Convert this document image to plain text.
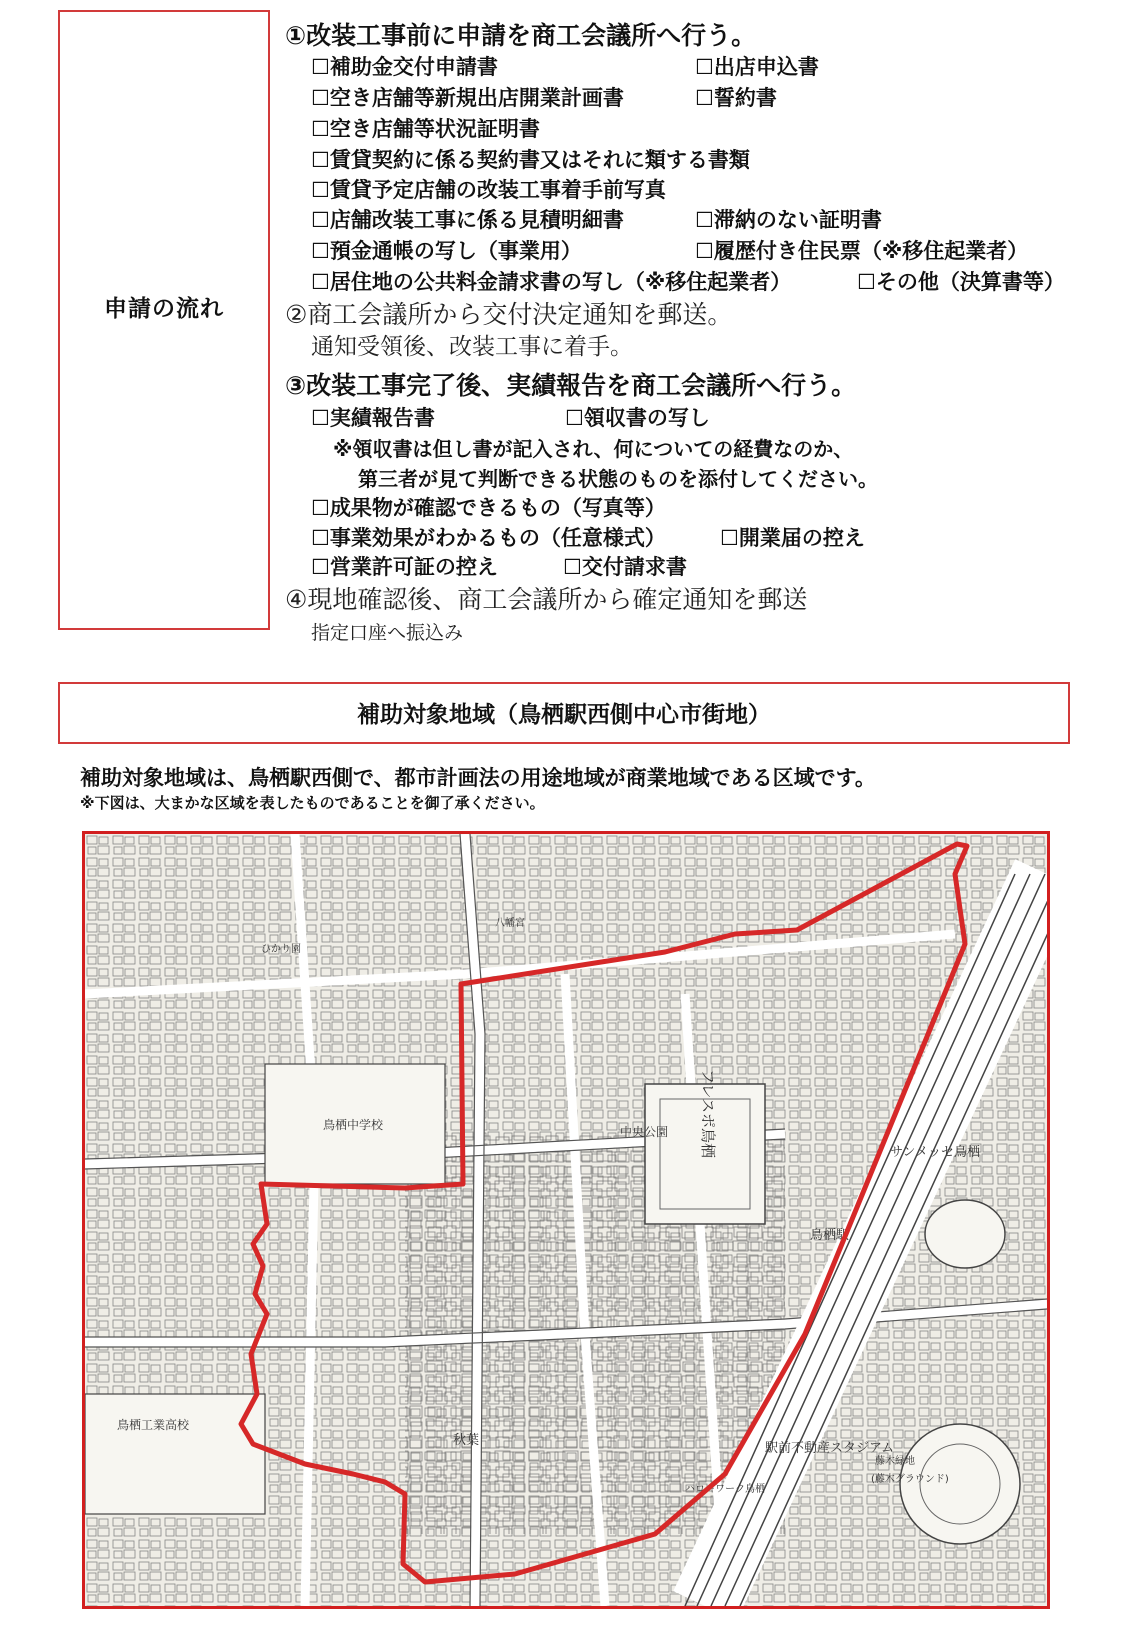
申請の流れ
①改装工事前に申請を商工会議所へ行う。
☐補助金交付申請書	☐出店申込書
☐空き店舗等新規出店開業計画書	☐誓約書
☐空き店舗等状況証明書
☐賃貸契約に係る契約書又はそれに類する書類
☐賃貸予定店舗の改装工事着手前写真
☐店舗改装工事に係る見積明細書	☐滞納のない証明書
☐預金通帳の写し（事業用）	☐履歴付き住民票（※移住起業者）
☐居住地の公共料金請求書の写し（※移住起業者）	☐その他（決算書等）
②商工会議所から交付決定通知を郵送。
通知受領後、改装工事に着手。
③改装工事完了後、実績報告を商工会議所へ行う。
☐実績報告書	☐領収書の写し
※領収書は但し書が記入され、何についての経費なのか、
第三者が見て判断できる状態のものを添付してください。
☐成果物が確認できるもの（写真等）
☐事業効果がわかるもの（任意様式）	☐開業届の控え
☐営業許可証の控え	☐交付請求書
④現地確認後、商工会議所から確定通知を郵送
指定口座へ振込み
補助対象地域（鳥栖駅西側中心市街地）
補助対象地域は、鳥栖駅西側で、都市計画法の用途地域が商業地域である区域です。
※下図は、大まかな区域を表したものであることを御了承ください。
フレスポ鳥栖
中央公園
サンメッセ鳥栖
鳥栖駅
鳥栖中学校
鳥栖工業高校
駅前不動産スタジアム
ひかり園
藤木緑地
(藤木グラウンド)
ハローワーク鳥栖
秋葉
八幡宮
